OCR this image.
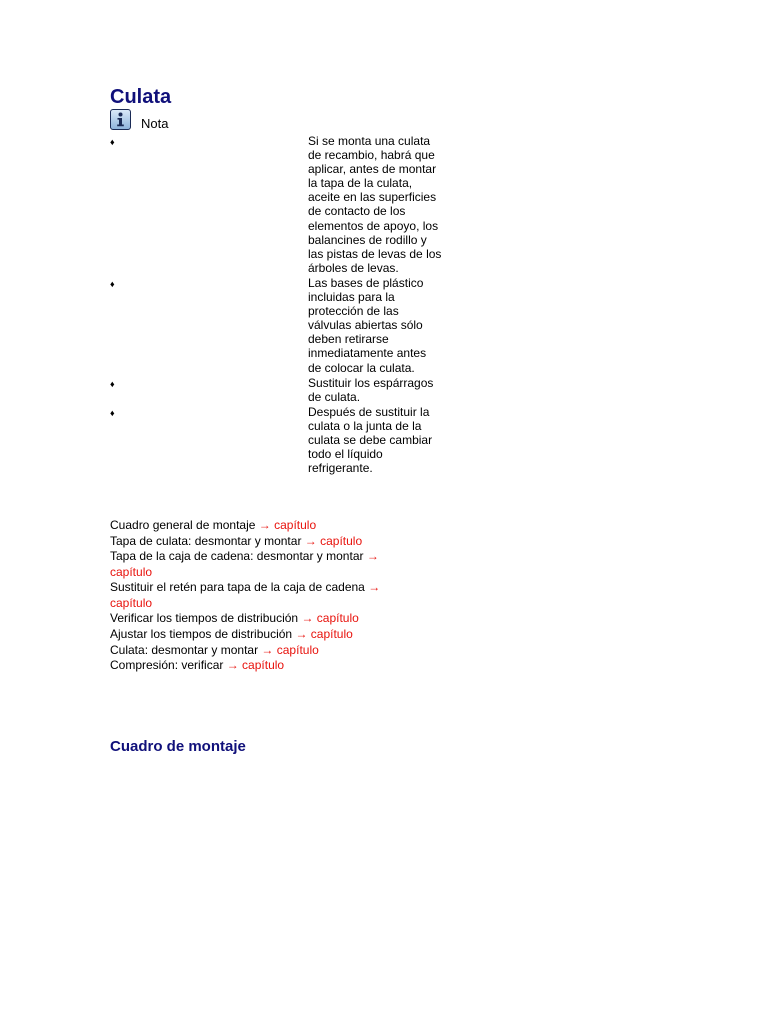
Culata
Nota
♦	Si se monta una culata de recambio, habrá que aplicar, antes de montar la tapa de la culata, aceite en las superficies de contacto de los elementos de apoyo, los balancines de rodillo y las pistas de levas de los árboles de levas.
♦	Las bases de plástico incluidas para la protección de las válvulas abiertas sólo deben retirarse inmediatamente antes de colocar la culata.
♦	Sustituir los espárragos de culata.
♦	Después de sustituir la culata o la junta de la culata se debe cambiar todo el líquido refrigerante.
Cuadro general de montaje → capítulo
Tapa de culata: desmontar y montar → capítulo
Tapa de la caja de cadena: desmontar y montar → capítulo
Sustituir el retén para tapa de la caja de cadena → capítulo
Verificar los tiempos de distribución → capítulo
Ajustar los tiempos de distribución → capítulo
Culata: desmontar y montar → capítulo
Compresión: verificar → capítulo
Cuadro de montaje
